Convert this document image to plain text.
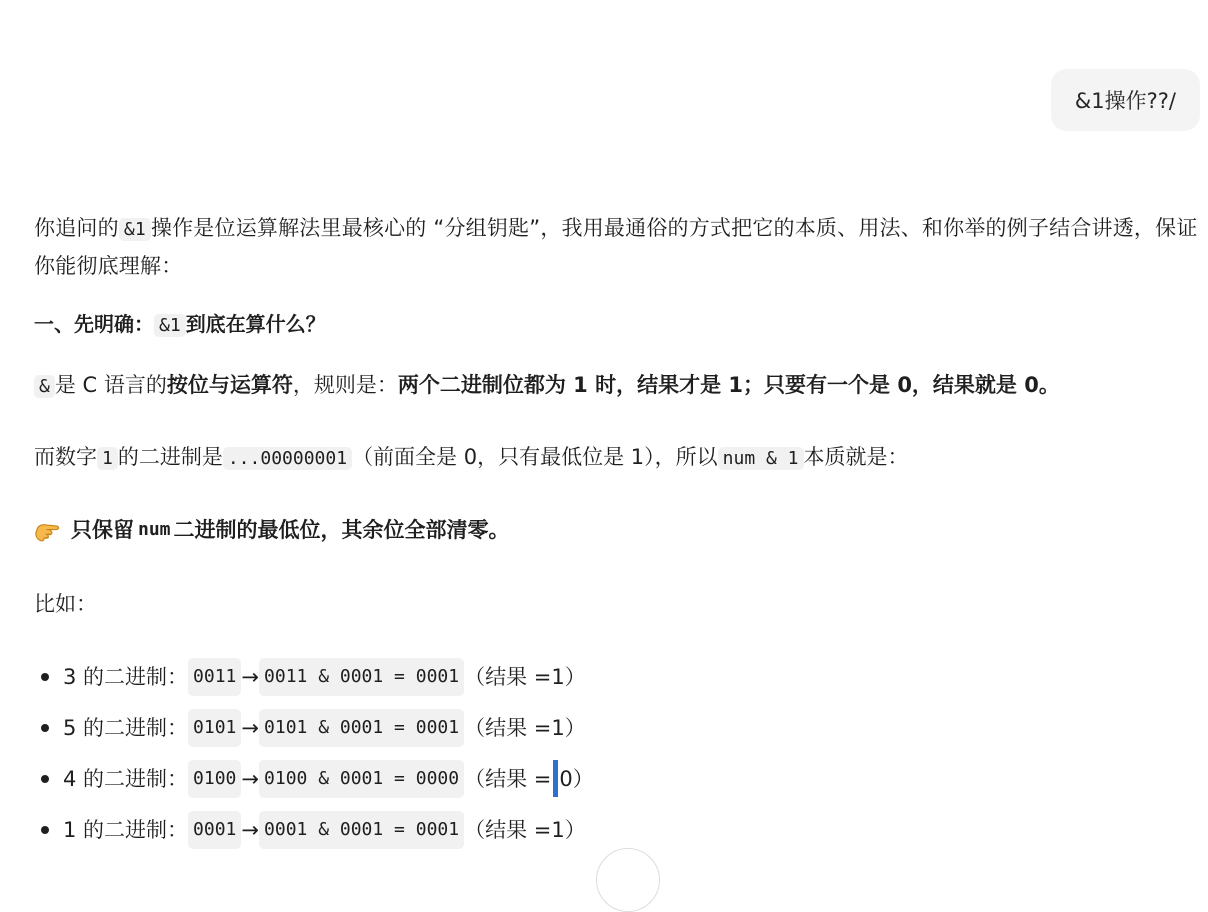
&1操作??/

你追问的 &1 操作是位运算解法里最核心的 “分组钥匙”，我用最通俗的方式把它的本质、用法、和你举的例子结合讲透，保证你能彻底理解：

一、先明确： &1 到底在算什么？

& 是 C 语言的按位与运算符，规则是：两个二进制位都为 1 时，结果才是 1；只要有一个是 0，结果就是 0。

而数字 1 的二进制是 ...00000001 （前面全是 0，只有最低位是 1），所以 num & 1 本质就是：

只保留 num 二进制的最低位，其余位全部清零。

比如：

3 的二进制： 0011 → 0011 & 0001 = 0001 （结果 = 1 ）
5 的二进制： 0101 → 0101 & 0001 = 0001 （结果 = 1 ）
4 的二进制： 0100 → 0100 & 0001 = 0000 （结果 = 0 ）
1 的二进制： 0001 → 0001 & 0001 = 0001 （结果 = 1 ）
